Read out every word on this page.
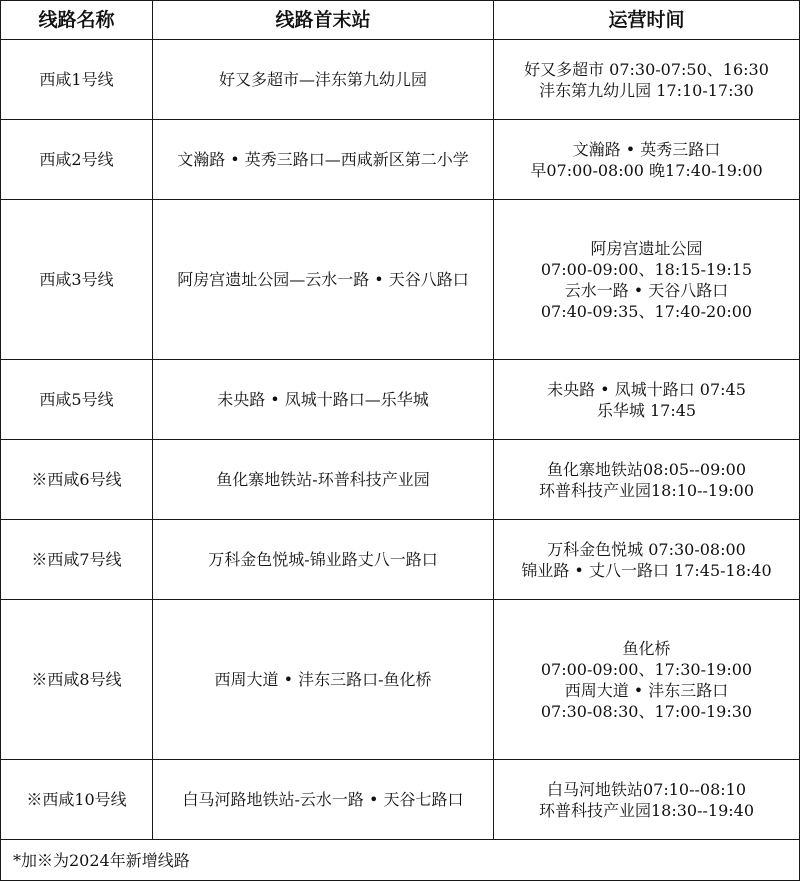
线路名称	线路首末站	运营时间
西咸1号线	好又多超市—沣东第九幼儿园	好又多超市 07:30-07:50、16:30
沣东第九幼儿园 17:10-17:30

西咸2号线	文瀚路 • 英秀三路口—西咸新区第二小学	文瀚路 • 英秀三路口
早07:00-08:00 晚17:40-19:00

西咸3号线	阿房宫遗址公园—云水一路 • 天谷八路口	阿房宫遗址公园
07:00-09:00、18:15-19:15
云水一路 • 天谷八路口
07:40-09:35、17:40-20:00

西咸5号线	未央路 • 凤城十路口—乐华城	未央路 • 凤城十路口 07:45
乐华城 17:45

※西咸6号线	鱼化寨地铁站-环普科技产业园	鱼化寨地铁站08:05--09:00
环普科技产业园18:10--19:00

※西咸7号线	万科金色悦城-锦业路丈八一路口	万科金色悦城 07:30-08:00
锦业路 • 丈八一路口 17:45-18:40

※西咸8号线	西周大道 • 沣东三路口-鱼化桥	鱼化桥
07:00-09:00、17:30-19:00
西周大道 • 沣东三路口
07:30-08:30、17:00-19:30

※西咸10号线	白马河路地铁站-云水一路 • 天谷七路口	白马河地铁站07:10--08:10
环普科技产业园18:30--19:40

*加※为2024年新增线路		
